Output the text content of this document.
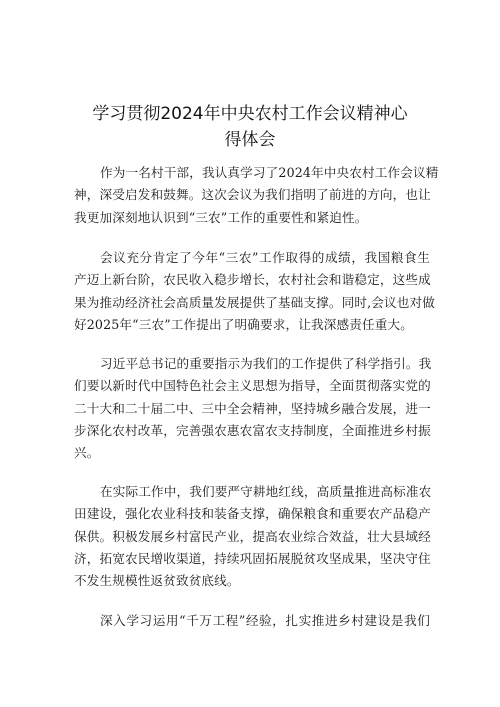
学习贯彻2024年中央农村工作会议精神心
得体会
作为一名村干部，我认真学习了2024年中央农村工作会议精
神，深受启发和鼓舞。这次会议为我们指明了前进的方向，也让
我更加深刻地认识到“三农”工作的重要性和紧迫性。
会议充分肯定了今年“三农”工作取得的成绩，我国粮食生
产迈上新台阶，农民收入稳步增长，农村社会和谐稳定，这些成
果为推动经济社会高质量发展提供了基础支撑。同时,会议也对做
好2025年“三农”工作提出了明确要求，让我深感责任重大。
习近平总书记的重要指示为我们的工作提供了科学指引。我
们要以新时代中国特色社会主义思想为指导，全面贯彻落实党的
二十大和二十届二中、三中全会精神，坚持城乡融合发展，进一
步深化农村改革，完善强农惠农富农支持制度，全面推进乡村振
兴。
在实际工作中，我们要严守耕地红线，高质量推进高标准农
田建设，强化农业科技和装备支撑，确保粮食和重要农产品稳产
保供。积极发展乡村富民产业，提高农业综合效益，壮大县域经
济，拓宽农民增收渠道，持续巩固拓展脱贫攻坚成果，坚决守住
不发生规模性返贫致贫底线。
深入学习运用“千万工程”经验，扎实推进乡村建设是我们
